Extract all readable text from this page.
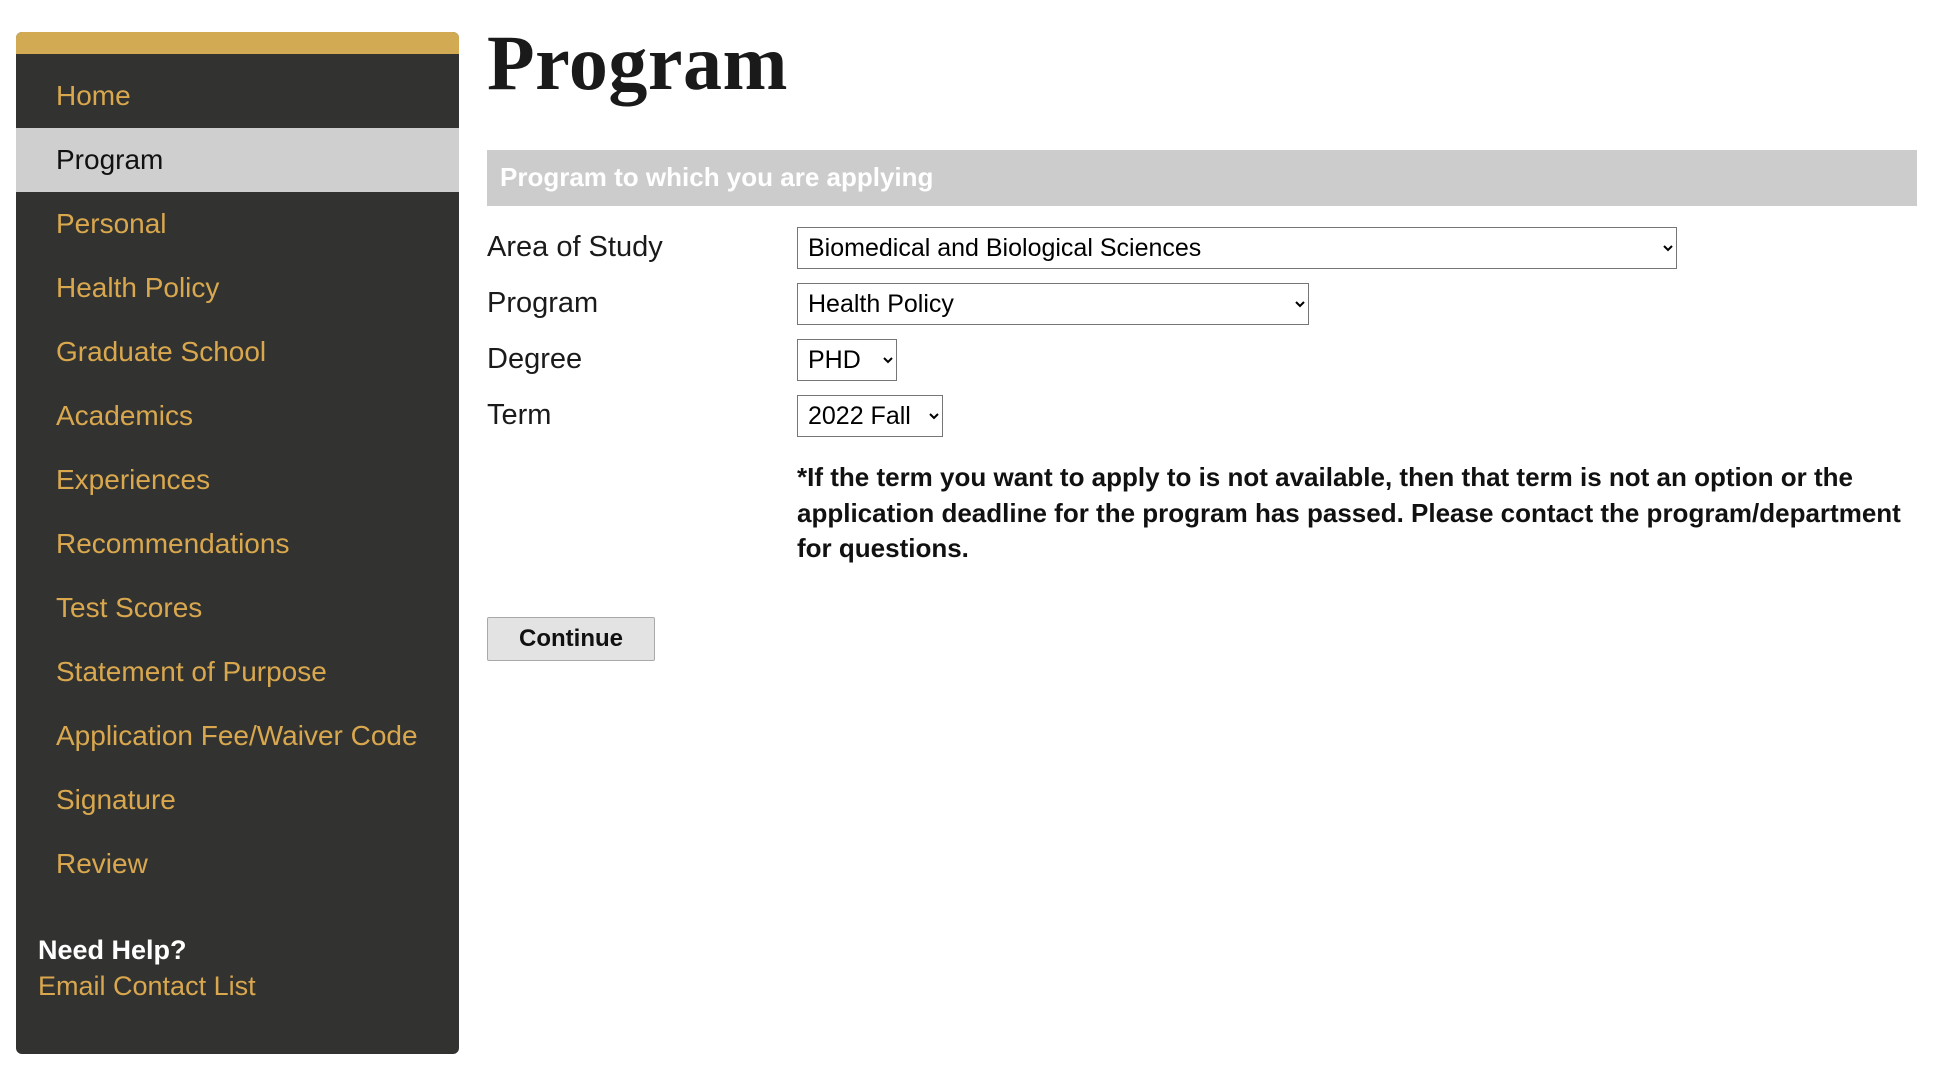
Home
Program
Personal
Health Policy
Graduate School
Academics
Experiences
Recommendations
Test Scores
Statement of Purpose
Application Fee/Waiver Code
Signature
Review
Need Help?
Email Contact List
Program
Program to which you are applying
Area of Study
Biomedical and Biological Sciences
Program
Health Policy
Degree
PHD
Term
2022 Fall
*If the term you want to apply to is not available, then that term is not an option or the application deadline for the program has passed. Please contact the program/department for questions.
Continue
